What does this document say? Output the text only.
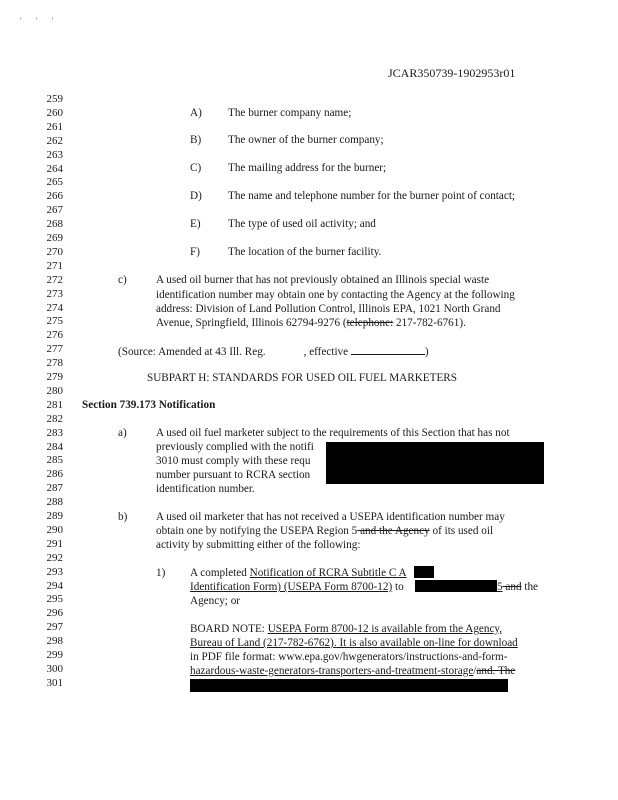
' ' '
JCAR350739-1902953r01
259
260
261
262
263
264
265
266
267
268
269
270
271
272
273
274
275
276
277
278
279
280
281
282
283
284
285
286
287
288
289
290
291
292
293
294
295
296
297
298
299
300
301
A) The burner company name;
B) The owner of the burner company;
C) The mailing address for the burner;
D) The name and telephone number for the burner point of contact;
E) The type of used oil activity; and
F)	The location of the burner facility.
c)	A used oil burner that has not previously obtained an Illinois special waste
identification number may obtain one by contacting the Agency at the following
address: Division of Land Pollution Control, Illinois EPA, 1021 North Grand
Avenue, Springfield, Illinois 62794-9276 (telephone: 217-782-6761).
(Source: Amended at 43 Ill. Reg.	, effective	)
SUBPART H: STANDARDS FOR USED OIL FUEL MARKETERS
Section 739.173 Notification
a)	A used oil fuel marketer subject to the requirements of this Section that has not
previously complied with the notifi
3010 must comply with these requ
number pursuant to RCRA section
identification number.
b)	A used oil marketer that has not received a USEPA identification number may
obtain one by notifying the USEPA Region 5 and the Agency of its used oil
activity by submitting either of the following:
1) A completed Notification of RCRA Subtitle C A
Identification Form) (USEPA Form 8700-12) to	5 and the
Agency; or
BOARD NOTE: USEPA Form 8700-12 is available from the Agency,
Bureau of Land (217-782-6762). It is also available on-line for download
in PDF file format: www.epa.gov/hwgenerators/instructions-and-form-
hazardous-waste-generators-transporters-and-treatment-storage/and. The
